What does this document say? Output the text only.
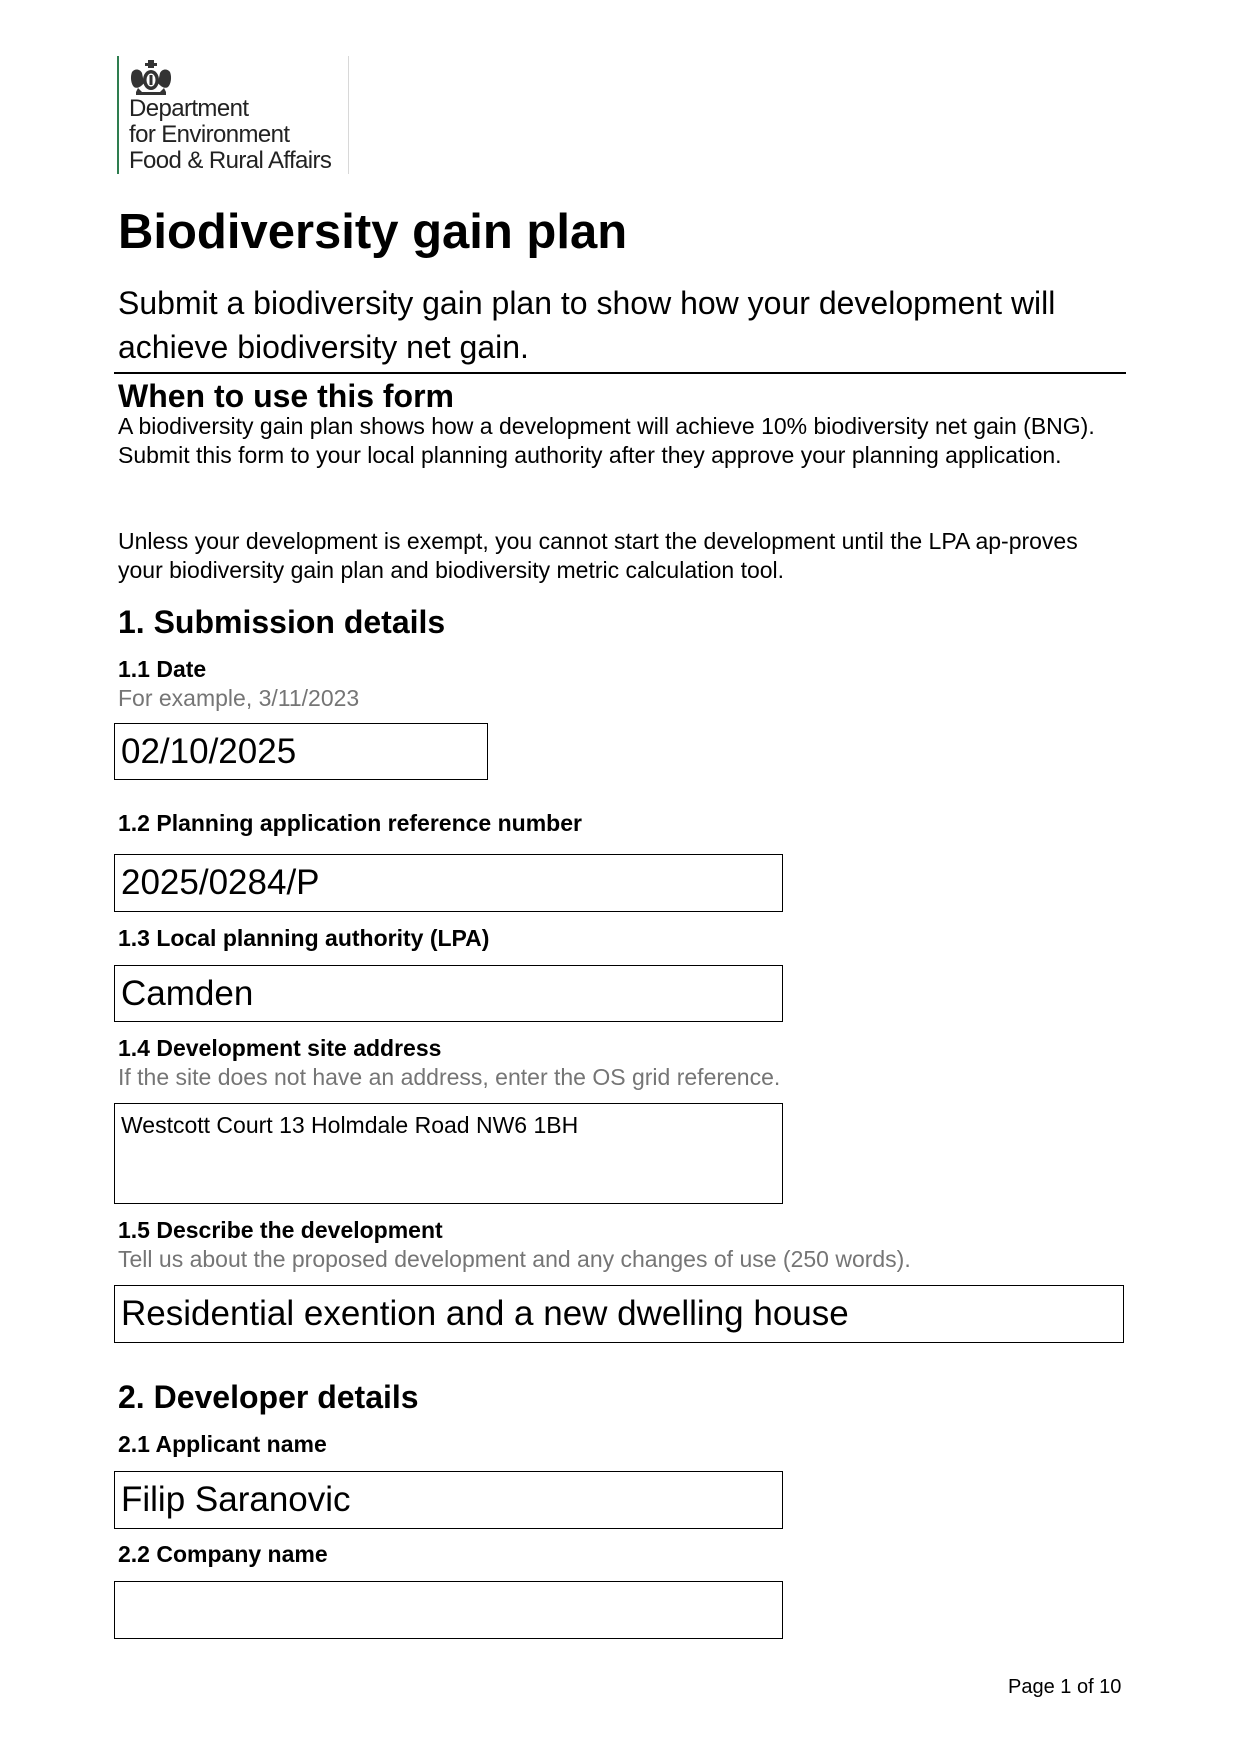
Department
for Environment
Food & Rural Affairs
Biodiversity gain plan
Submit a biodiversity gain plan to show how your development will achieve biodiversity net gain.
When to use this form
A biodiversity gain plan shows how a development will achieve 10% biodiversity net gain (BNG). Submit this form to your local planning authority after they approve your planning application.
Unless your development is exempt, you cannot start the development until the LPA ap-proves your biodiversity gain plan and biodiversity metric calculation tool.
1. Submission details
1.1 Date
For example, 3/11/2023
02/10/2025
1.2 Planning application reference number
2025/0284/P
1.3 Local planning authority (LPA)
Camden
1.4 Development site address
If the site does not have an address, enter the OS grid reference.
Westcott Court 13 Holmdale Road NW6 1BH
1.5 Describe the development
Tell us about the proposed development and any changes of use (250 words).
Residential exention and a new dwelling house
2. Developer details
2.1 Applicant name
Filip Saranovic
2.2 Company name
Page 1 of 10
